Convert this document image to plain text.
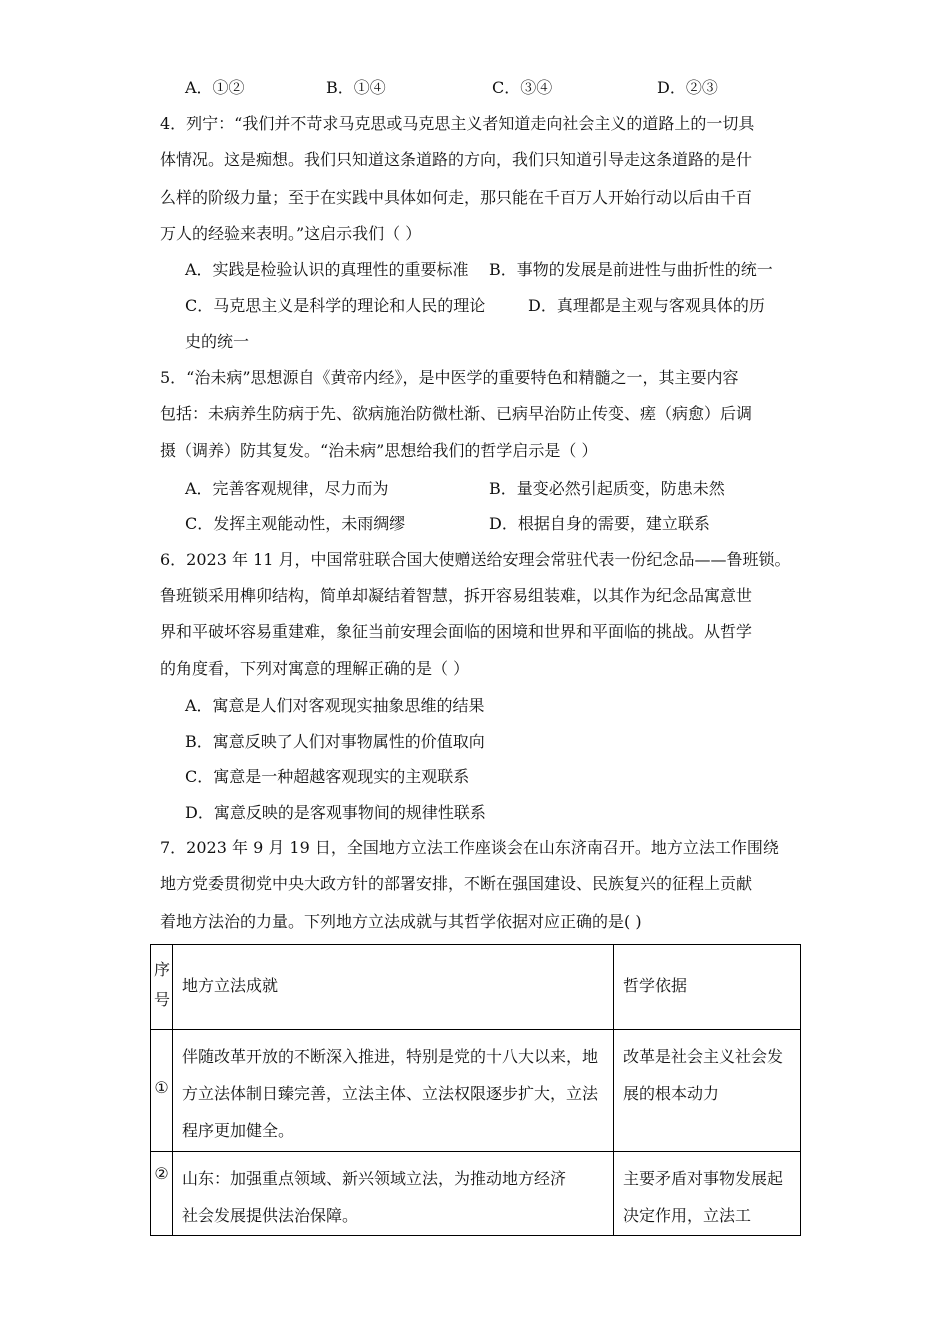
A．①②	B．①④	C．③④	D．②③
4．列宁：“我们并不苛求马克思或马克思主义者知道走向社会主义的道路上的一切具
体情况。这是痴想。我们只知道这条道路的方向，我们只知道引导走这条道路的是什
么样的阶级力量；至于在实践中具体如何走，那只能在千百万人开始行动以后由千百
万人的经验来表明。”这启示我们（ ）
A．实践是检验认识的真理性的重要标准 B．事物的发展是前进性与曲折性的统一
C．马克思主义是科学的理论和人民的理论	D．真理都是主观与客观具体的历
史的统一
5．“治未病”思想源自《黄帝内经》，是中医学的重要特色和精髓之一，其主要内容
包括：未病养生防病于先、欲病施治防微杜渐、已病早治防止传变、瘥（病愈）后调
摄（调养）防其复发。“治未病”思想给我们的哲学启示是（ ）
A．完善客观规律，尽力而为	B．量变必然引起质变，防患未然
C．发挥主观能动性，未雨绸缪	D．根据自身的需要，建立联系
6．2023 年 11 月，中国常驻联合国大使赠送给安理会常驻代表一份纪念品——鲁班锁。
鲁班锁采用榫卯结构，简单却凝结着智慧，拆开容易组装难，以其作为纪念品寓意世
界和平破坏容易重建难，象征当前安理会面临的困境和世界和平面临的挑战。从哲学
的角度看，下列对寓意的理解正确的是（ ）
A．寓意是人们对客观现实抽象思维的结果
B．寓意反映了人们对事物属性的价值取向
C．寓意是一种超越客观现实的主观联系
D．寓意反映的是客观事物间的规律性联系
7．2023 年 9 月 19 日，全国地方立法工作座谈会在山东济南召开。地方立法工作围绕
地方党委贯彻党中央大政方针的部署安排，不断在强国建设、民族复兴的征程上贡献
着地方法治的力量。下列地方立法成就与其哲学依据对应正确的是( )
序号	地方立法成就	哲学依据

①	伴随改革开放的不断深入推进，特别是党的十八大以来，地方立法体制日臻完善，立法主体、立法权限逐步扩大，立法程序更加健全。	改革是社会主义社会发展的根本动力

②	山东：加强重点领域、新兴领域立法，为推动地方经济社会发展提供法治保障。	主要矛盾对事物发展起决定作用，立法工
